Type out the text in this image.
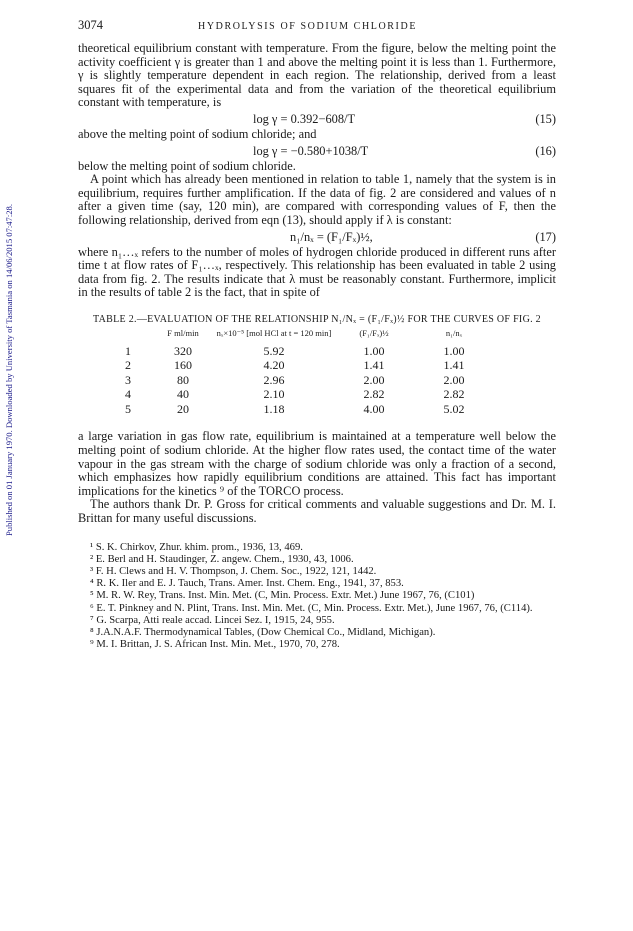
Published on 01 January 1970. Downloaded by University of Tasmania on 14/06/2015 07:47:28.
3074	HYDROLYSIS OF SODIUM CHLORIDE

theoretical equilibrium constant with temperature. From the figure, below the melting point the activity coefficient γ is greater than 1 and above the melting point it is less than 1. Furthermore, γ is slightly temperature dependent in each region. The relationship, derived from a least squares fit of the experimental data and from the variation of the theoretical equilibrium constant with temperature, is

log γ = 0.392−608/T	(15)

above the melting point of sodium chloride; and

log γ = −0.580+1038/T	(16)

below the melting point of sodium chloride.

A point which has already been mentioned in relation to table 1, namely that the system is in equilibrium, requires further amplification. If the data of fig. 2 are considered and values of n after a given time (say, 120 min), are compared with corresponding values of F, then the following relationship, derived from eqn (13), should apply if λ is constant:

n₁/nₓ = (F₁/Fₓ)½,	(17)

where n₁…ₓ refers to the number of moles of hydrogen chloride produced in different runs after time t at flow rates of F₁…ₓ, respectively. This relationship has been evaluated in table 2 using data from fig. 2. The results indicate that λ must be reasonably constant. Furthermore, implicit in the results of table 2 is the fact, that in spite of

TABLE 2.—EVALUATION OF THE RELATIONSHIP N₁/Nₓ = (F₁/Fₓ)½ FOR THE CURVES OF FIG. 2
	F ml/min	nₓ×10⁻⁵ [mol HCl at t = 120 min]	(F₁/Fₓ)½	n₁/nₓ
1	320	5.92	1.00	1.00
2	160	4.20	1.41	1.41
3	80	2.96	2.00	2.00
4	40	2.10	2.82	2.82
5	20	1.18	4.00	5.02

a large variation in gas flow rate, equilibrium is maintained at a temperature well below the melting point of sodium chloride. At the higher flow rates used, the contact time of the water vapour in the gas stream with the charge of sodium chloride was only a fraction of a second, which emphasizes how rapidly equilibrium conditions are attained. This fact has important implications for the kinetics ⁹ of the TORCO process.

The authors thank Dr. P. Gross for critical comments and valuable suggestions and Dr. M. I. Brittan for many useful discussions.

¹ S. K. Chirkov, Zhur. khim. prom., 1936, 13, 469.
² E. Berl and H. Staudinger, Z. angew. Chem., 1930, 43, 1006.
³ F. H. Clews and H. V. Thompson, J. Chem. Soc., 1922, 121, 1442.
⁴ R. K. Iler and E. J. Tauch, Trans. Amer. Inst. Chem. Eng., 1941, 37, 853.
⁵ M. R. W. Rey, Trans. Inst. Min. Met. (C, Min. Process. Extr. Met.) June 1967, 76, (C101)
⁶ E. T. Pinkney and N. Plint, Trans. Inst. Min. Met. (C, Min. Process. Extr. Met.), June 1967, 76, (C114).
⁷ G. Scarpa, Atti reale accad. Lincei Sez. I, 1915, 24, 955.
⁸ J.A.N.A.F. Thermodynamical Tables, (Dow Chemical Co., Midland, Michigan).
⁹ M. I. Brittan, J. S. African Inst. Min. Met., 1970, 70, 278.
